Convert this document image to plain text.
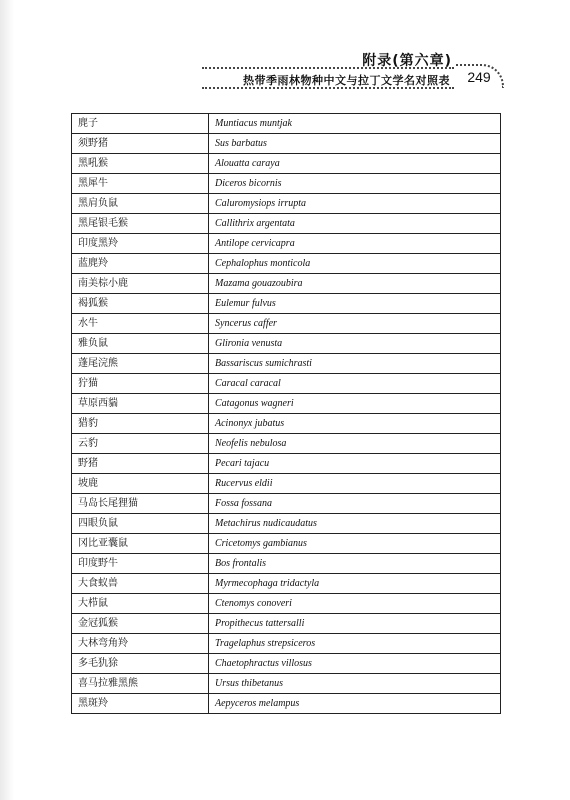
附录(第六章)
热带季雨林物种中文与拉丁文学名对照表	249
麂子	Muntiacus muntjak
须野猪	Sus barbatus
黑吼猴	Alouatta caraya
黑犀牛	Diceros bicornis
黑肩负鼠	Caluromysiops irrupta
黑尾银毛猴	Callithrix argentata
印度黑羚	Antilope cervicapra
蓝麂羚	Cephalophus monticola
南美棕小鹿	Mazama gouazoubira
褐狐猴	Eulemur fulvus
水牛	Syncerus caffer
雅负鼠	Glironia venusta
蓬尾浣熊	Bassariscus sumichrasti
狞猫	Caracal caracal
草原西貒	Catagonus wagneri
猎豹	Acinonyx jubatus
云豹	Neofelis nebulosa
野猪	Pecari tajacu
坡鹿	Rucervus eldii
马岛长尾狸猫	Fossa fossana
四眼负鼠	Metachirus nudicaudatus
冈比亚囊鼠	Cricetomys gambianus
印度野牛	Bos frontalis
大食蚁兽	Myrmecophaga tridactyla
大栉鼠	Ctenomys conoveri
金冠狐猴	Propithecus tattersalli
大林弯角羚	Tragelaphus strepsiceros
多毛犰狳	Chaetophractus villosus
喜马拉雅黑熊	Ursus thibetanus
黑斑羚	Aepyceros melampus
